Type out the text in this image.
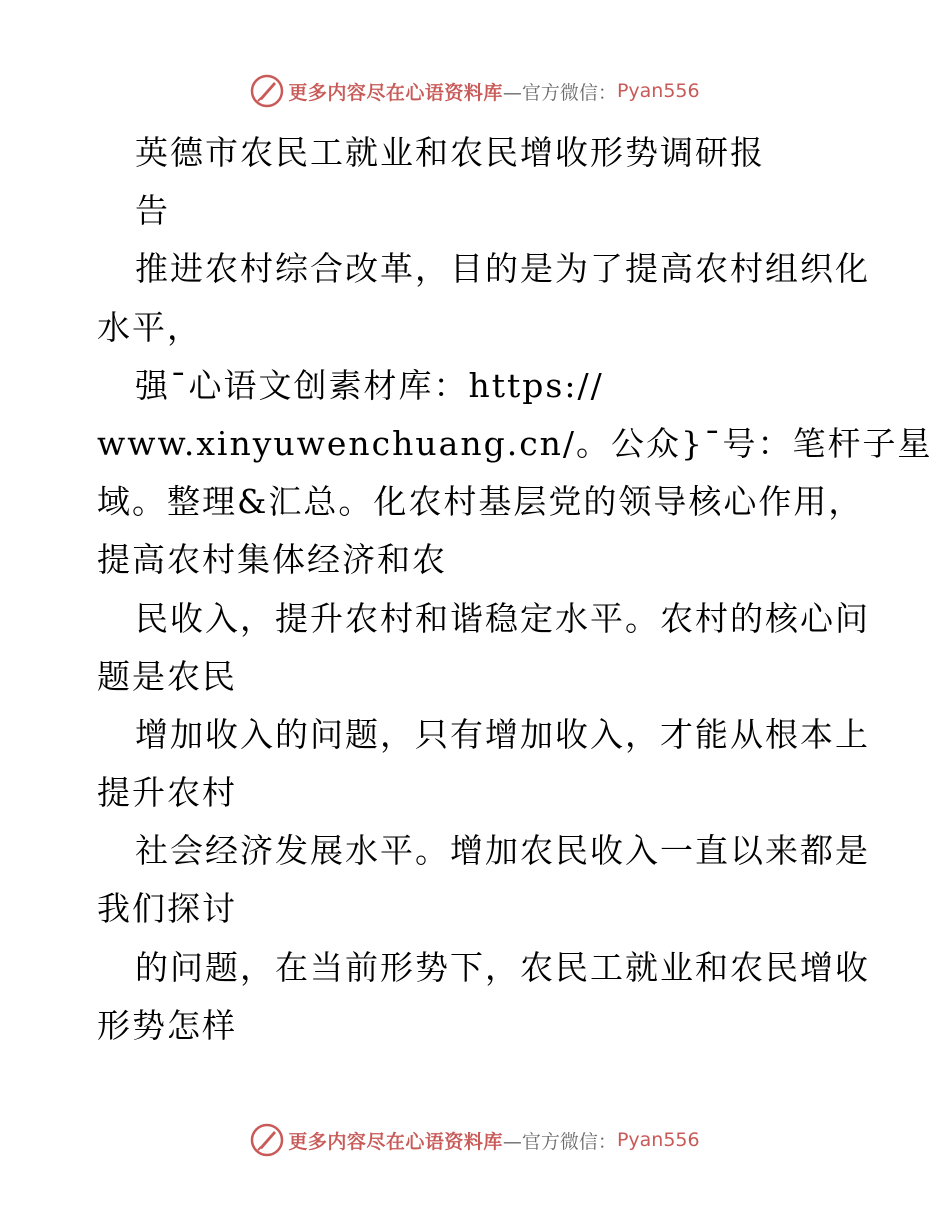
更多内容尽在心语资料库 —官方微信： Pyan556
英德市农民工就业和农民增收形势调研报
告
推进农村综合改革，目的是为了提高农村组织化
水平，
强¯心语文创素材库：https://
www.xinyuwenchuang.cn/。公众}¯号：笔杆子星
域。整理&汇总。化农村基层党的领导核心作用，
提高农村集体经济和农
民收入，提升农村和谐稳定水平。农村的核心问
题是农民
增加收入的问题，只有增加收入，才能从根本上
提升农村
社会经济发展水平。增加农民收入一直以来都是
我们探讨
的问题，在当前形势下，农民工就业和农民增收
形势怎样
更多内容尽在心语资料库 —官方微信： Pyan556
